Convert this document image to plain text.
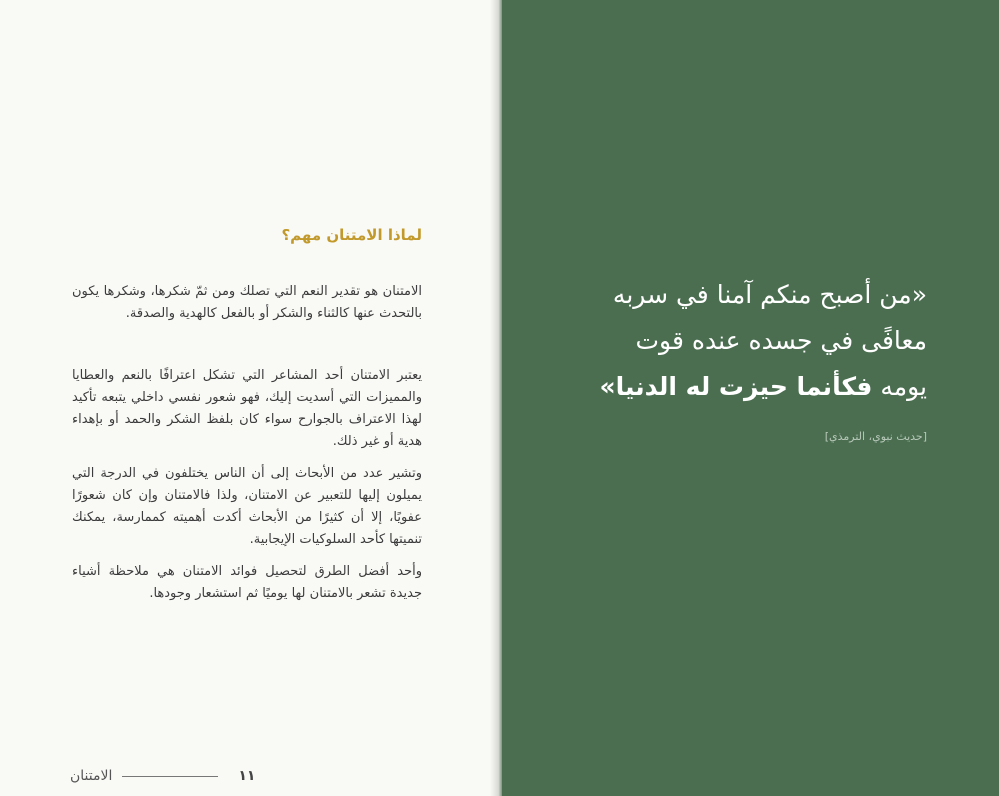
لماذا الامتنان مهم؟

الامتنان هو تقدير النعم التي تصلك ومن ثمّ شكرها، وشكرها يكون بالتحدث عنها كالثناء والشكر أو بالفعل كالهدية والصدقة.

يعتبر الامتنان أحد المشاعر التي تشكل اعترافًا بالنعم والعطايا والمميزات التي أسديت إليك، فهو شعور نفسي داخلي يتبعه تأكيد لهذا الاعتراف بالجوارح سواء كان بلفظ الشكر والحمد أو بإهداء هدية أو غير ذلك.

وتشير عدد من الأبحاث إلى أن الناس يختلفون في الدرجة التي يميلون إليها للتعبير عن الامتنان، ولذا فالامتنان وإن كان شعورًا عفويًا، إلا أن كثيرًا من الأبحاث أكدت أهميته كممارسة، يمكنك تنميتها كأحد السلوكيات الإيجابية.

وأحد أفضل الطرق لتحصيل فوائد الامتنان هي ملاحظة أشياء جديدة تشعر بالامتنان لها يوميًا ثم استشعار وجودها.

الامتنان	١١
«من أصبح منكم آمنا في سربه
معافًى في جسده عنده قوت
يومه فكأنما حيزت له الدنيا»
[حديث نبوي، الترمذي]
